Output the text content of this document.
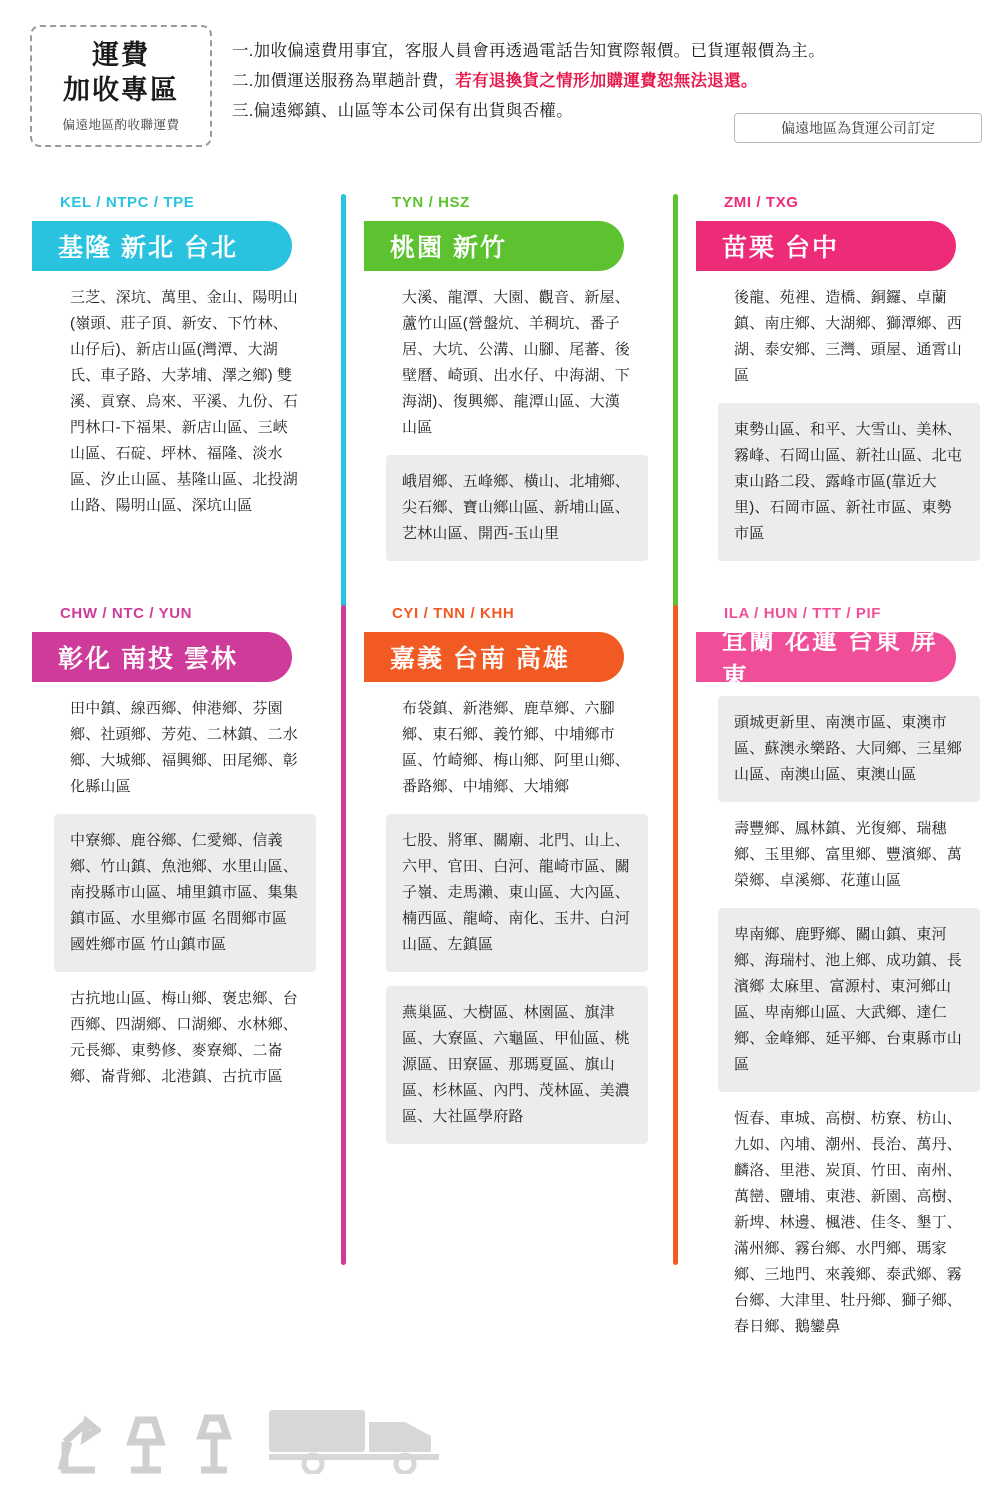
運費
加收專區
偏遠地區酌收聯運費
一.加收偏遠費用事宜，客服人員會再透過電話告知實際報價。已貨運報價為主。
二.加價運送服務為單趟計費，若有退換貨之情形加購運費恕無法退還。
三.偏遠鄉鎮、山區等本公司保有出貨與否權。
偏遠地區為貨運公司訂定
KEL / NTPC / TPE
基隆 新北 台北
三芝、深坑、萬里、金山、陽明山(嶺頭、莊子頂、新安、下竹林、山仔后)、新店山區(灣潭、大湖氏、車子路、大茅埔、澤之鄉) 雙溪、貢寮、烏來、平溪、九份、石門林口-下福果、新店山區、三峽山區、石碇、坪林、福隆、淡水區、汐止山區、基隆山區、北投湖山路、陽明山區、深坑山區
TYN / HSZ
桃園 新竹
大溪、龍潭、大園、觀音、新屋、蘆竹山區(營盤炕、羊稠坑、番子居、大坑、公溝、山腳、尾蕃、後壁曆、崎頭、出水仔、中海湖、下海湖)、復興鄉、龍潭山區、大漢山區
峨眉鄉、五峰鄉、橫山、北埔鄉、尖石鄉、寶山鄉山區、新埔山區、艺林山區、開西-玉山里
ZMI / TXG
苗栗 台中
後龍、苑裡、造橋、銅鑼、卓蘭鎮、南庄鄉、大湖鄉、獅潭鄉、西湖、泰安鄉、三灣、頭屋、通霄山區
東勢山區、和平、大雪山、美林、霧峰、石岡山區、新社山區、北屯東山路二段、露峰市區(靠近大里)、石岡市區、新社市區、東勢市區
CHW / NTC / YUN
彰化 南投 雲林
田中鎮、線西鄉、伸港鄉、芬園鄉、社頭鄉、芳苑、二林鎮、二水鄉、大城鄉、福興鄉、田尾鄉、彰化縣山區
中寮鄉、鹿谷鄉、仁愛鄉、信義鄉、竹山鎮、魚池鄉、水里山區、南投縣市山區、埔里鎮市區、集集鎮市區、水里鄉市區 名間鄉市區 國姓鄉市區 竹山鎮市區
古抗地山區、梅山鄉、褒忠鄉、台西鄉、四湖鄉、口湖鄉、水林鄉、元長鄉、東勢修、麥寮鄉、二崙鄉、崙背鄉、北港鎮、古抗市區
CYI / TNN / KHH
嘉義 台南 高雄
布袋鎮、新港鄉、鹿草鄉、六腳鄉、東石鄉、義竹鄉、中埔鄉市區、竹崎鄉、梅山鄉、阿里山鄉、番路鄉、中埔鄉、大埔鄉
七股、將軍、關廟、北門、山上、六甲、官田、白河、龍崎市區、關子嶺、走馬瀨、東山區、大內區、楠西區、龍崎、南化、玉井、白河山區、左鎮區
燕巢區、大樹區、林園區、旗津區、大寮區、六龜區、甲仙區、桃源區、田寮區、那瑪夏區、旗山區、杉林區、內門、茂林區、美濃區、大社區學府路
ILA / HUN / TTT / PIF
宜蘭 花蓮 台東 屏東
頭城更新里、南澳市區、東澳市區、蘇澳永樂路、大同鄉、三星鄉山區、南澳山區、東澳山區
壽豐鄉、鳳林鎮、光復鄉、瑞穗鄉、玉里鄉、富里鄉、豐濱鄉、萬榮鄉、卓溪鄉、花蓮山區
卑南鄉、鹿野鄉、關山鎮、東河鄉、海瑞村、池上鄉、成功鎮、長濱鄉 太麻里、富源村、東河鄉山區、卑南鄉山區、大武鄉、達仁鄉、金峰鄉、延平鄉、台東縣市山區
恆春、車城、高樹、枋寮、枋山、九如、內埔、潮州、長治、萬丹、麟洛、里港、炭頂、竹田、南州、萬巒、鹽埔、東港、新園、高樹、新埤、林邊、楓港、佳冬、墾丁、滿州鄉、霧台鄉、水門鄉、瑪家鄉、三地門、來義鄉、泰武鄉、霧台鄉、大津里、牡丹鄉、獅子鄉、春日鄉、鵝鑾鼻
